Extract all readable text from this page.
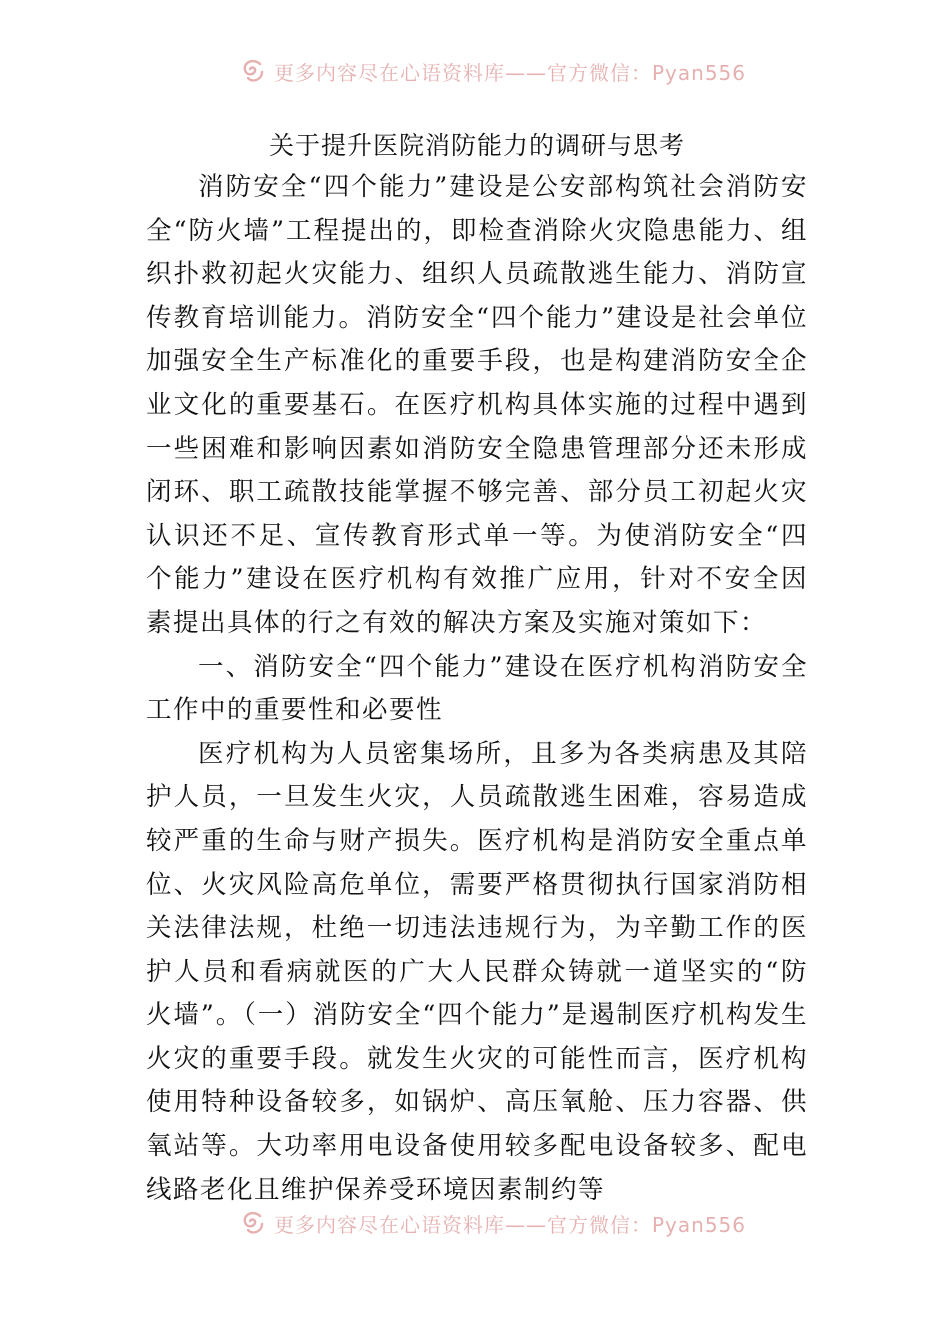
更多内容尽在心语资料库——官方微信：Pyan556
关于提升医院消防能力的调研与思考

消防安全“四个能力”建设是公安部构筑社会消防安全“防火墙”工程提出的，即检查消除火灾隐患能力、组织扑救初起火灾能力、组织人员疏散逃生能力、消防宣传教育培训能力。消防安全“四个能力”建设是社会单位加强安全生产标准化的重要手段，也是构建消防安全企业文化的重要基石。在医疗机构具体实施的过程中遇到一些困难和影响因素如消防安全隐患管理部分还未形成闭环、职工疏散技能掌握不够完善、部分员工初起火灾认识还不足、宣传教育形式单一等。为使消防安全“四个能力”建设在医疗机构有效推广应用，针对不安全因素提出具体的行之有效的解决方案及实施对策如下：

一、消防安全“四个能力”建设在医疗机构消防安全工作中的重要性和必要性

医疗机构为人员密集场所，且多为各类病患及其陪护人员，一旦发生火灾，人员疏散逃生困难，容易造成较严重的生命与财产损失。医疗机构是消防安全重点单位、火灾风险高危单位，需要严格贯彻执行国家消防相关法律法规，杜绝一切违法违规行为，为辛勤工作的医护人员和看病就医的广大人民群众铸就一道坚实的“防火墙”。（一）消防安全“四个能力”是遏制医疗机构发生火灾的重要手段。就发生火灾的可能性而言，医疗机构使用特种设备较多，如锅炉、高压氧舱、压力容器、供氧站等。大功率用电设备使用较多配电设备较多、配电线路老化且维护保养受环境因素制约等

更多内容尽在心语资料库——官方微信：Pyan556
